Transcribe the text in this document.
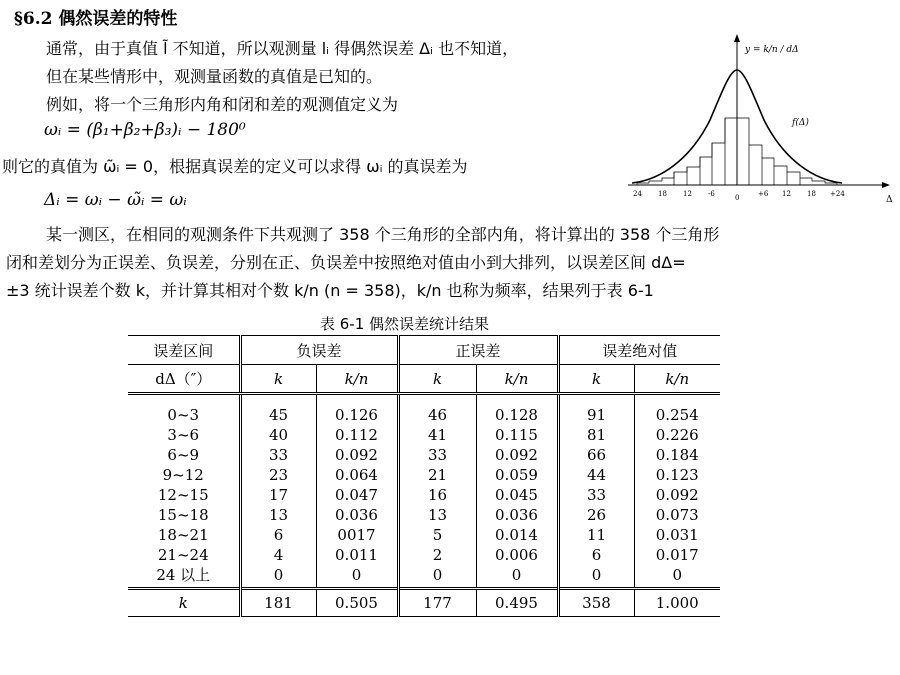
§6.2 偶然误差的特性
通常，由于真值 l̃ 不知道，所以观测量 lᵢ 得偶然误差 Δᵢ 也不知道，
但在某些情形中，观测量函数的真值是已知的。
例如，将一个三角形内角和闭和差的观测值定义为
ωᵢ = (β₁+β₂+β₃)ᵢ − 180⁰
则它的真值为 ω̃ᵢ = 0，根据真误差的定义可以求得 ωᵢ 的真误差为
Δᵢ = ωᵢ − ω̃ᵢ = ωᵢ
某一测区，在相同的观测条件下共观测了 358 个三角形的全部内角，将计算出的 358 个三角形
闭和差划分为正误差、负误差，分别在正、负误差中按照绝对值由小到大排列，以误差区间 dΔ=
±3 统计误差个数 k，并计算其相对个数 k/n (n = 358)，k/n 也称为频率，结果列于表 6-1
y = k/n / dΔ
f(Δ)
Δ
24 18 12 -6	0	+6 12 18 +24
表 6-1 偶然误差统计结果
误差区间	负误差		正误差		误差绝对值	
dΔ（″）	k	k/n	k	k/n	k	k/n
0~3	45	0.126	46	0.128	91	0.254
3~6	40	0.112	41	0.115	81	0.226
6~9	33	0.092	33	0.092	66	0.184
9~12	23	0.064	21	0.059	44	0.123
12~15	17	0.047	16	0.045	33	0.092
15~18	13	0.036	13	0.036	26	0.073
18~21	6	0017	5	0.014	11	0.031
21~24	4	0.011	2	0.006	6	0.017
24 以上	0	0	0	0	0	0
k	181	0.505	177	0.495	358	1.000
